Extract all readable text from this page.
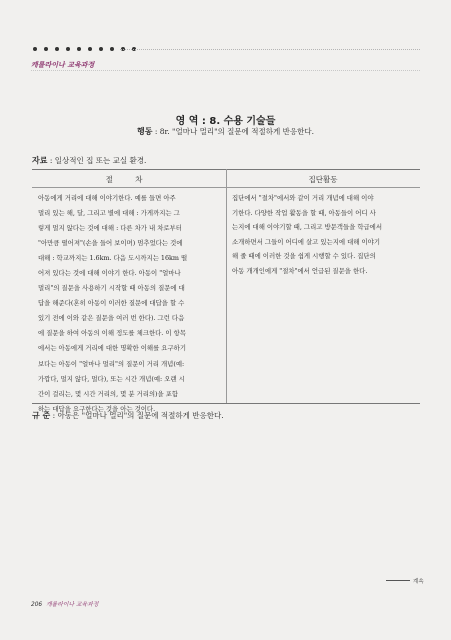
캐롤라이나 교육과정
영 역 : 8. 수용 기술들
행동 : 8r. "얼마나 멀리"의 질문에 적절하게 반응한다.
자료 : 일상적인 집 또는 교실 환경.
절 차	집단활동
아동에게 거리에 대해 이야기한다. 예를 들면 아주
멀리 있는 해, 달, 그리고 별에 대해 : 가게까지는 그
렇게 멀지 않다는 것에 대해 : 다른 차가 내 차로부터
"아만큼 떨어져"(손을 들어 보이며) 멈추었다는 것에
대해 : 학교까지는 1.6km. 다음 도시까지는 16km 떨
어져 있다는 것에 대해 이야기 한다. 아동이 "얼마나
멀리"의 질문을 사용하기 시작할 때 아동의 질문에 대
답을 해준다(혼히 아동이 이러한 질문에 대답을 할 수
있기 전에 이와 같은 질문을 여러 번 한다). 그런 다음
에 질문을 하여 아동의 이해 정도를 체크한다. 이 항목
에서는 아동에게 거리에 대한 명확한 이해를 요구하기
보다는 아동이 "얼마나 멀리"의 질문이 거리 개념(예:
가깝다, 멀지 않다, 멀다), 또는 시간 개념(예: 오랜 시
간이 걸리는, 몇 시간 거리의, 몇 분 거리의)을 포함
하는 대답을 요구한다는 것을 아는 것이다.
집단에서 "절차"에서와 같이 거리 개념에 대해 이야
기한다. 다양한 작업 활동을 할 때, 아동들이 어디 사
는지에 대해 이야기할 때, 그리고 방문객들을 학급에서
소개하면서 그들이 어디에 살고 있는지에 대해 이야기
해 줄 때에 이러한 것을 쉽게 시행할 수 있다. 집단의
아동 개개인에게 "절차"에서 언급된 질문을 한다.
규 준 : 아동은 "얼마나 멀리"의 질문에 적절하게 반응한다.
계속
206 캐롤라이나 교육과정
